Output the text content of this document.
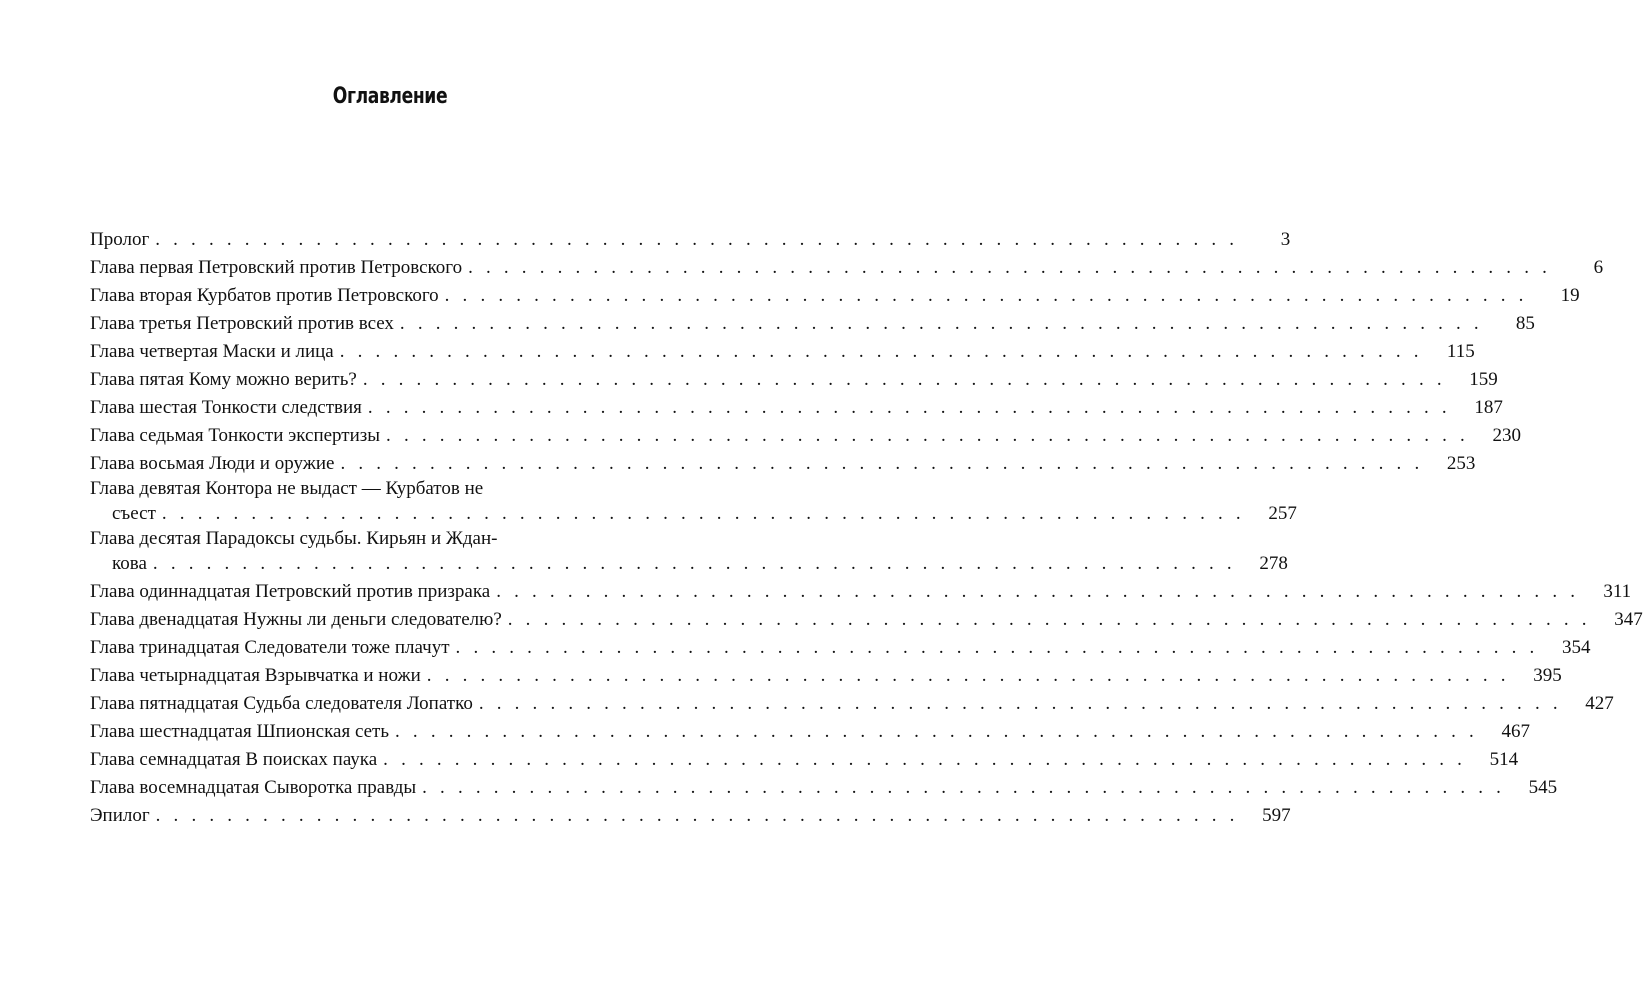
Оглавление
Пролог . . . . . . . . . . . . . . . . . . . . . . . . . . . . . . . . . . . . . . . . . . . . . . . . . . . . . . . . . . . . .	3
Глава первая Петровский против Петровского . . . . . . . . . . . . . . . . . . . . . . . . . . . . . . . . . . . . . . . . . . . . . . . . . . . . . . . . . . . . .	6
Глава вторая Курбатов против Петровского . . . . . . . . . . . . . . . . . . . . . . . . . . . . . . . . . . . . . . . . . . . . . . . . . . . . . . . . . . . . .	19
Глава третья Петровский против всех . . . . . . . . . . . . . . . . . . . . . . . . . . . . . . . . . . . . . . . . . . . . . . . . . . . . . . . . . . . . .	85
Глава четвертая Маски и лица . . . . . . . . . . . . . . . . . . . . . . . . . . . . . . . . . . . . . . . . . . . . . . . . . . . . . . . . . . . . .	115
Глава пятая Кому можно верить? . . . . . . . . . . . . . . . . . . . . . . . . . . . . . . . . . . . . . . . . . . . . . . . . . . . . . . . . . . . . .	159
Глава шестая Тонкости следствия . . . . . . . . . . . . . . . . . . . . . . . . . . . . . . . . . . . . . . . . . . . . . . . . . . . . . . . . . . . . .	187
Глава седьмая Тонкости экспертизы . . . . . . . . . . . . . . . . . . . . . . . . . . . . . . . . . . . . . . . . . . . . . . . . . . . . . . . . . . . . .	230
Глава восьмая Люди и оружие . . . . . . . . . . . . . . . . . . . . . . . . . . . . . . . . . . . . . . . . . . . . . . . . . . . . . . . . . . . . .	253
Глава девятая Контора не выдаст — Курбатов не
съест . . . . . . . . . . . . . . . . . . . . . . . . . . . . . . . . . . . . . . . . . . . . . . . . . . . . . . . . . . . . .	257
Глава десятая Парадоксы судьбы. Кирьян и Ждан-
кова . . . . . . . . . . . . . . . . . . . . . . . . . . . . . . . . . . . . . . . . . . . . . . . . . . . . . . . . . . . . .	278
Глава одиннадцатая Петровский против призрака . . . . . . . . . . . . . . . . . . . . . . . . . . . . . . . . . . . . . . . . . . . . . . . . . . . . . . . . . . . . .	311
Глава двенадцатая Нужны ли деньги следователю? . . . . . . . . . . . . . . . . . . . . . . . . . . . . . . . . . . . . . . . . . . . . . . . . . . . . . . . . . . . . .	347
Глава тринадцатая Следователи тоже плачут . . . . . . . . . . . . . . . . . . . . . . . . . . . . . . . . . . . . . . . . . . . . . . . . . . . . . . . . . . . . .	354
Глава четырнадцатая Взрывчатка и ножи . . . . . . . . . . . . . . . . . . . . . . . . . . . . . . . . . . . . . . . . . . . . . . . . . . . . . . . . . . . . .	395
Глава пятнадцатая Судьба следователя Лопатко . . . . . . . . . . . . . . . . . . . . . . . . . . . . . . . . . . . . . . . . . . . . . . . . . . . . . . . . . . . . .	427
Глава шестнадцатая Шпионская сеть . . . . . . . . . . . . . . . . . . . . . . . . . . . . . . . . . . . . . . . . . . . . . . . . . . . . . . . . . . . . .	467
Глава семнадцатая В поисках паука . . . . . . . . . . . . . . . . . . . . . . . . . . . . . . . . . . . . . . . . . . . . . . . . . . . . . . . . . . . . .	514
Глава восемнадцатая Сыворотка правды . . . . . . . . . . . . . . . . . . . . . . . . . . . . . . . . . . . . . . . . . . . . . . . . . . . . . . . . . . . . .	545
Эпилог . . . . . . . . . . . . . . . . . . . . . . . . . . . . . . . . . . . . . . . . . . . . . . . . . . . . . . . . . . . . .	597
